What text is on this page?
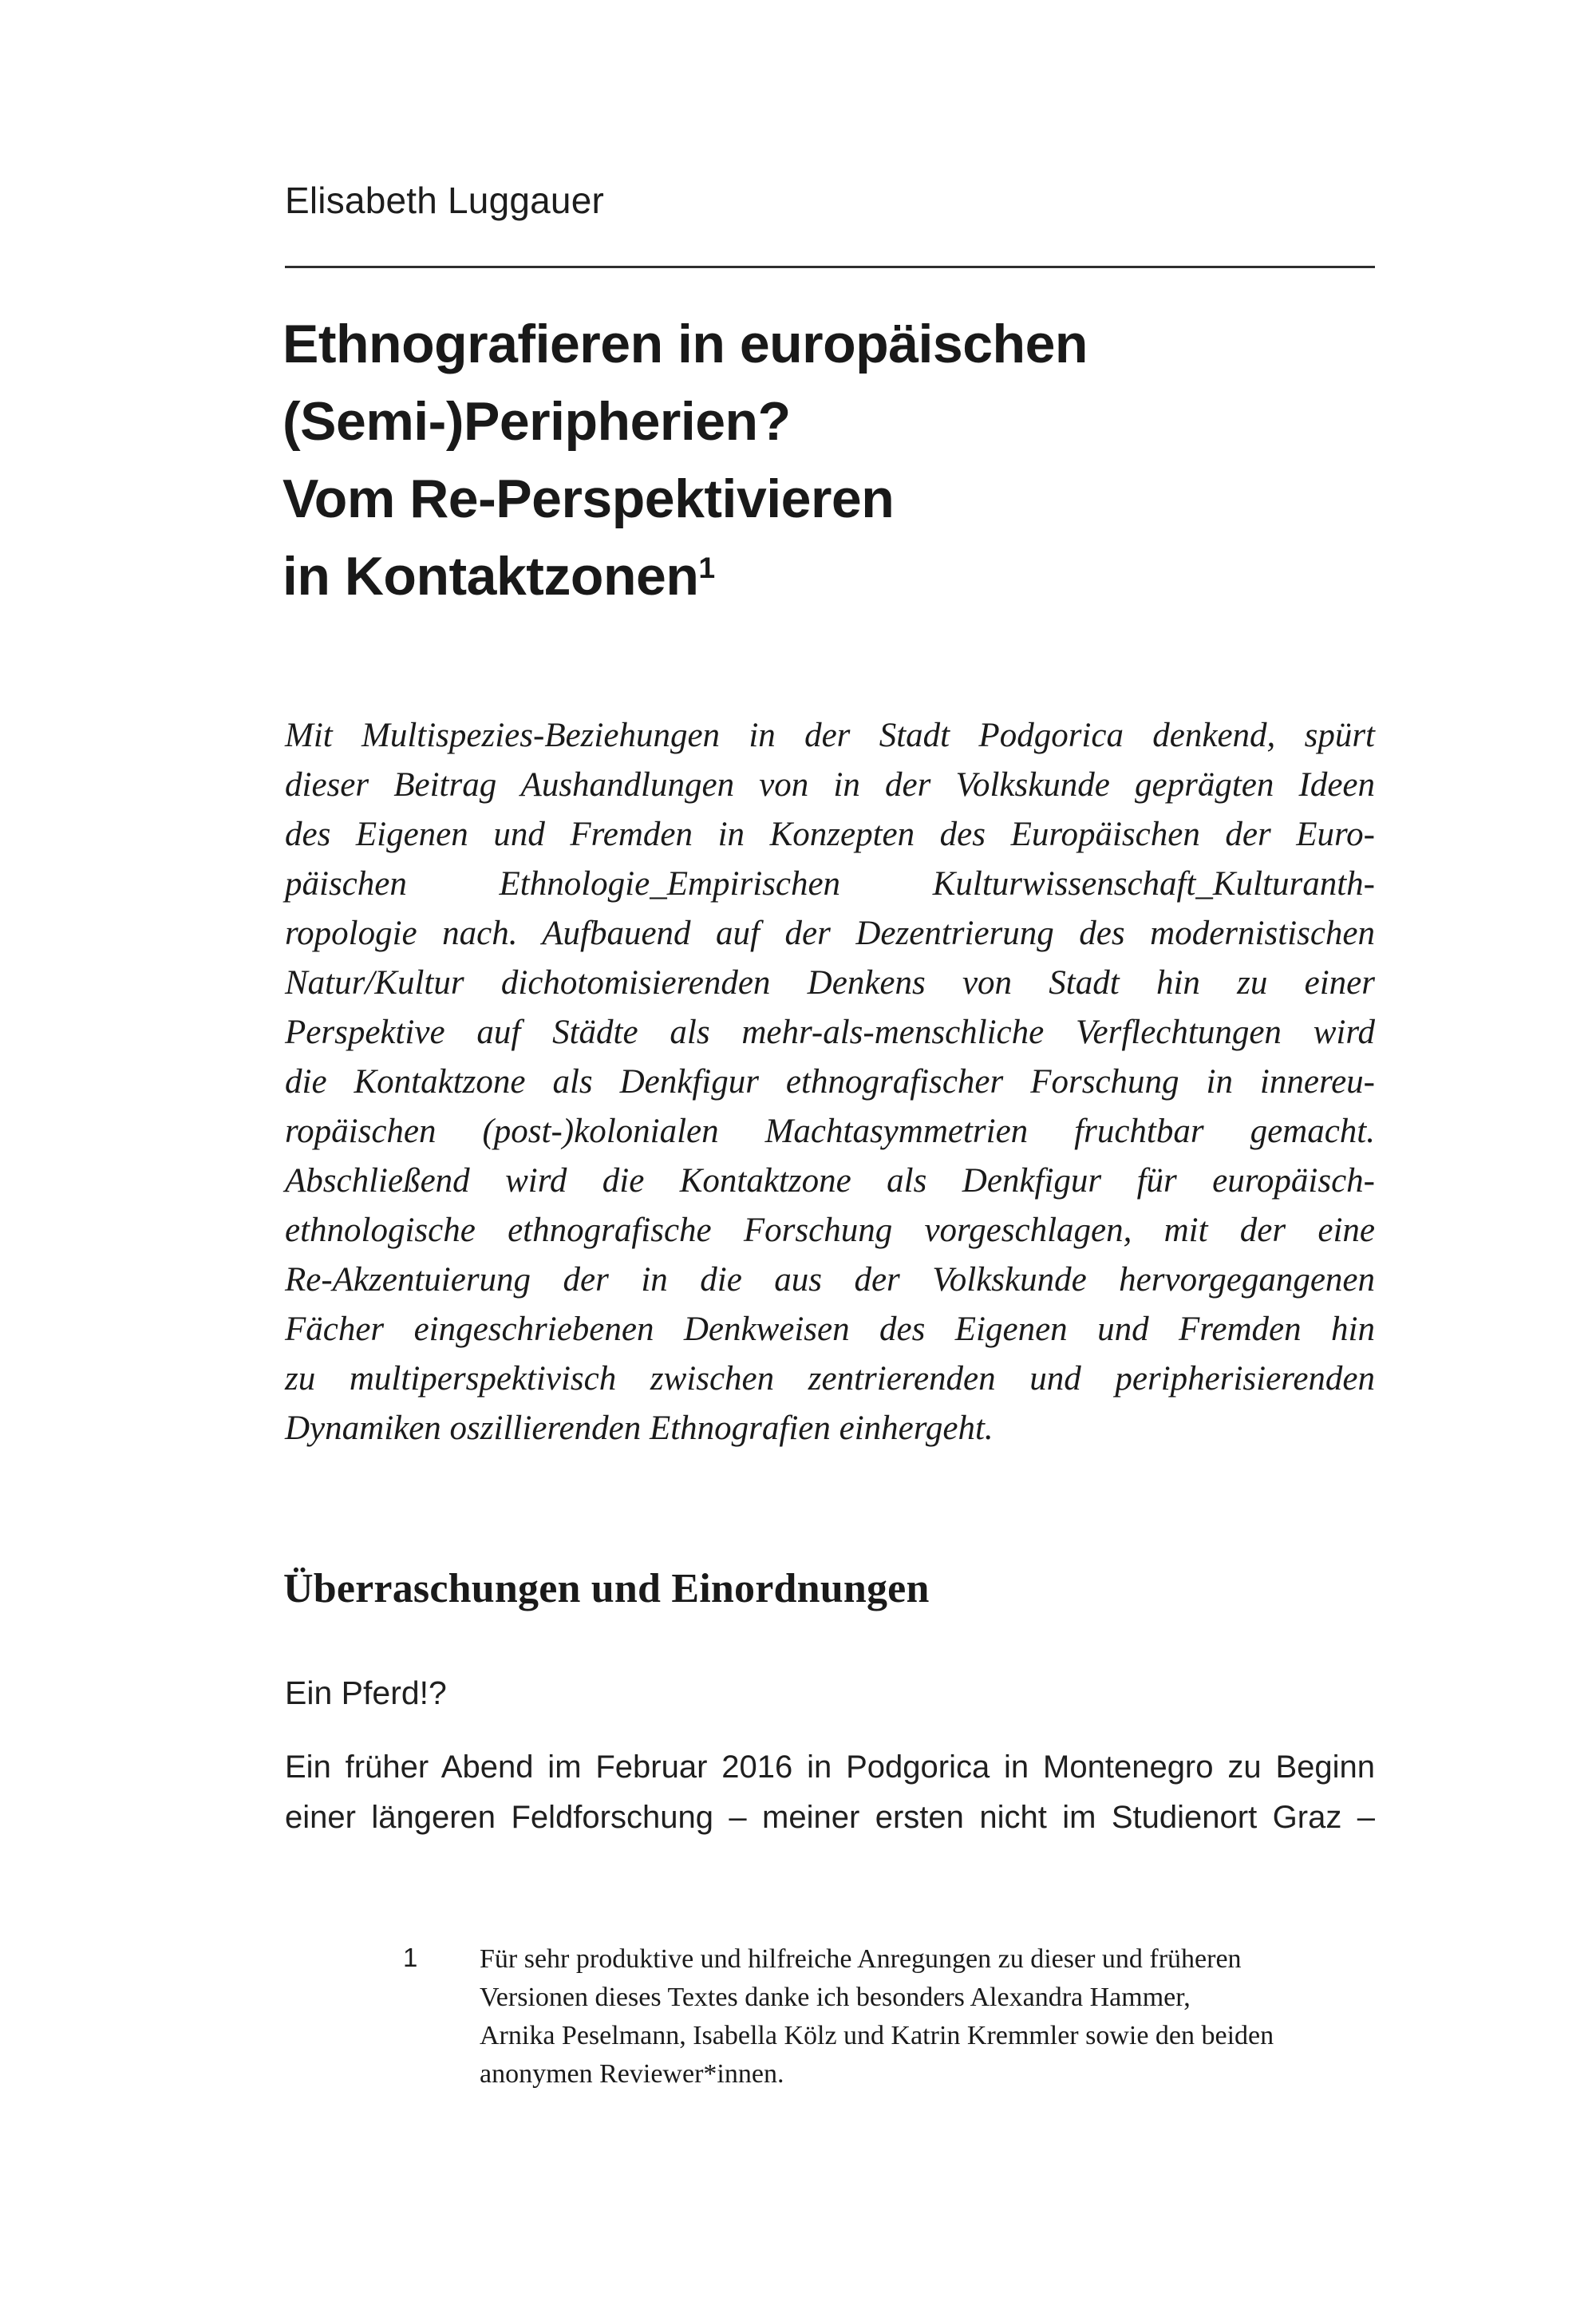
Elisabeth Luggauer
Ethnografieren in europäischen
(Semi-)Peripherien?
Vom Re-Perspektivieren
in Kontaktzonen$^1$
Mit Multispezies-Beziehungen in der Stadt Podgorica denkend, spürt
dieser Beitrag Aushandlungen von in der Volkskunde geprägten Ideen
des Eigenen und Fremden in Konzepten des Europäischen der Euro-
päischen Ethnologie_Empirischen Kulturwissenschaft_Kulturanth-
ropologie nach. Aufbauend auf der Dezentrierung des modernistischen
Natur/Kultur dichotomisierenden Denkens von Stadt hin zu einer
Perspektive auf Städte als mehr-als-menschliche Verflechtungen wird
die Kontaktzone als Denkfigur ethnografischer Forschung in innereu-
ropäischen (post-)kolonialen Machtasymmetrien fruchtbar gemacht.
Abschließend wird die Kontaktzone als Denkfigur für europäisch-
ethnologische ethnografische Forschung vorgeschlagen, mit der eine
Re-Akzentuierung der in die aus der Volkskunde hervorgegangenen
Fächer eingeschriebenen Denkweisen des Eigenen und Fremden hin
zu multiperspektivisch zwischen zentrierenden und peripherisierenden
Dynamiken oszillierenden Ethnografien einhergeht.
Überraschungen und Einordnungen
Ein Pferd!?
Ein früher Abend im Februar 2016 in Podgorica in Montenegro zu Beginn
einer längeren Feldforschung – meiner ersten nicht im Studienort Graz –
1 Für sehr produktive und hilfreiche Anregungen zu dieser und früheren
Versionen dieses Textes danke ich besonders Alexandra Hammer,
Arnika Peselmann, Isabella Kölz und Katrin Kremmler sowie den beiden
anonymen Reviewer*innen.
